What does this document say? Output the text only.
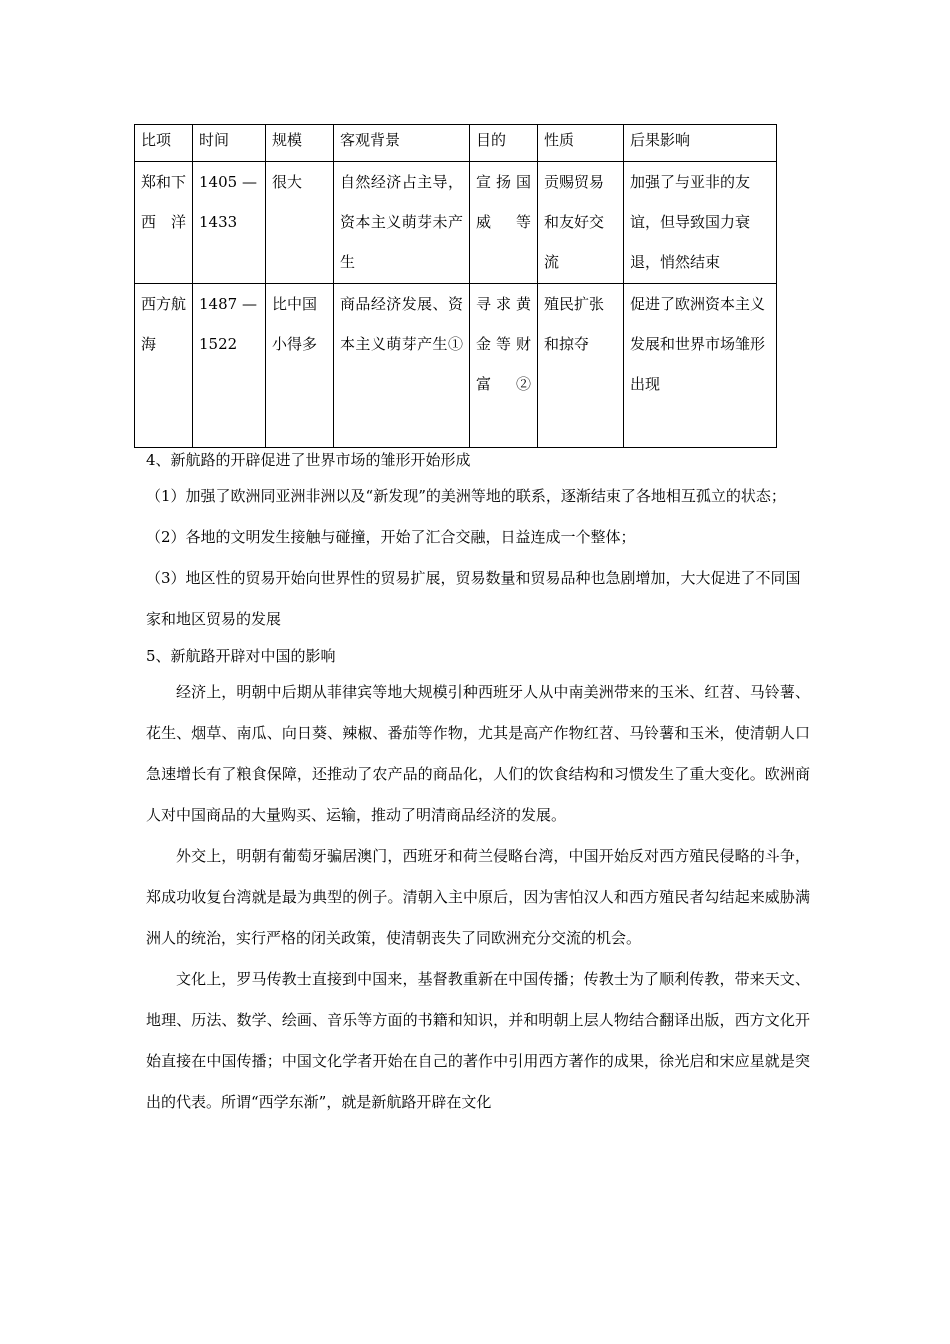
比项	时间	规模	客观背景	目的	性质	后果影响
郑和下西洋	1405 —1433	很大	自然经济占主导，资本主义萌芽未产生	宣扬国威等	贡赐贸易和友好交流	加强了与亚非的友谊，但导致国力衰退，悄然结束
西方航海	1487 —1522	比中国小得多	商品经济发展、资本主义萌芽产生①	寻求黄金等财富②	殖民扩张和掠夺	促进了欧洲资本主义发展和世界市场雏形出现

4、新航路的开辟促进了世界市场的雏形开始形成

（1）加强了欧洲同亚洲非洲以及“新发现”的美洲等地的联系，逐渐结束了各地相互孤立的状态；

（2）各地的文明发生接触与碰撞，开始了汇合交融，日益连成一个整体；

（3）地区性的贸易开始向世界性的贸易扩展，贸易数量和贸易品种也急剧增加，大大促进了不同国家和地区贸易的发展

5、新航路开辟对中国的影响

经济上，明朝中后期从菲律宾等地大规模引种西班牙人从中南美洲带来的玉米、红苕、马铃薯、花生、烟草、南瓜、向日葵、辣椒、番茄等作物，尤其是高产作物红苕、马铃薯和玉米，使清朝人口急速增长有了粮食保障，还推动了农产品的商品化，人们的饮食结构和习惯发生了重大变化。欧洲商人对中国商品的大量购买、运输，推动了明清商品经济的发展。

外交上，明朝有葡萄牙骗居澳门，西班牙和荷兰侵略台湾，中国开始反对西方殖民侵略的斗争，郑成功收复台湾就是最为典型的例子。清朝入主中原后，因为害怕汉人和西方殖民者勾结起来威胁满洲人的统治，实行严格的闭关政策，使清朝丧失了同欧洲充分交流的机会。

文化上，罗马传教士直接到中国来，基督教重新在中国传播；传教士为了顺利传教，带来天文、地理、历法、数学、绘画、音乐等方面的书籍和知识，并和明朝上层人物结合翻译出版，西方文化开始直接在中国传播；中国文化学者开始在自己的著作中引用西方著作的成果，徐光启和宋应星就是突出的代表。所谓“西学东渐”，就是新航路开辟在文化
